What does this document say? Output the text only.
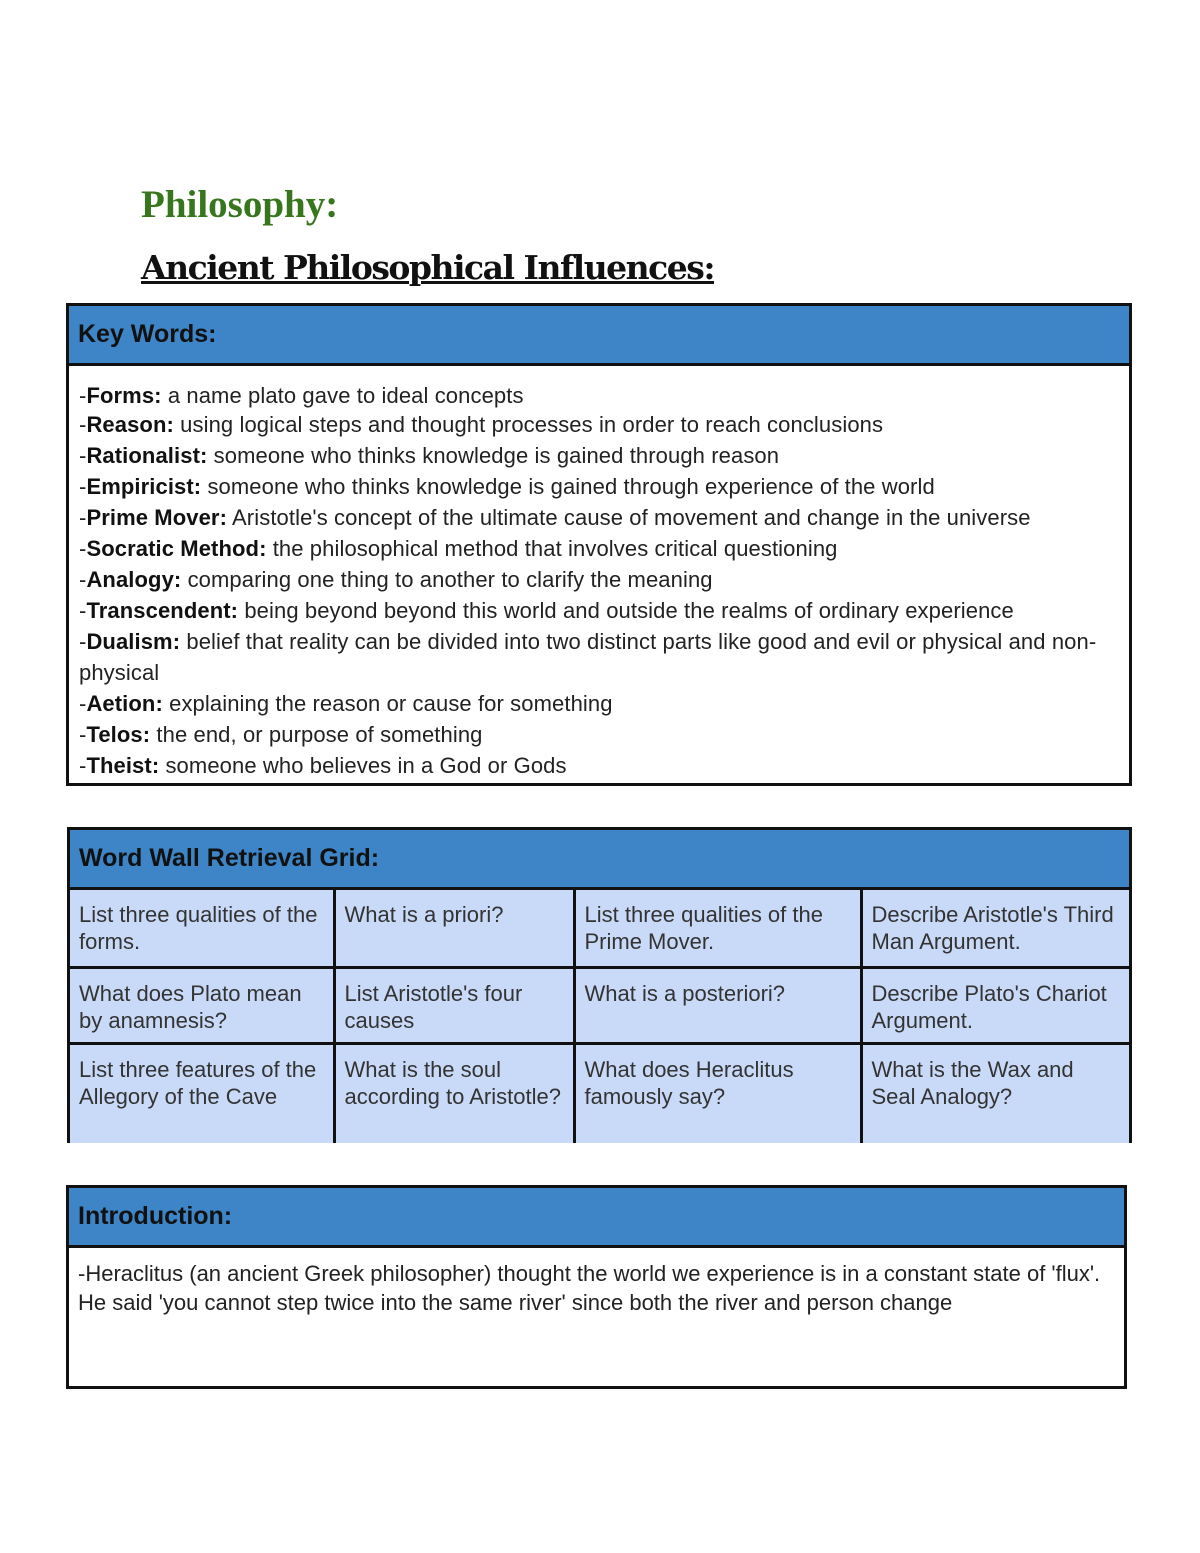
Philosophy:
Ancient Philosophical Influences:
Key Words:
-Forms: a name plato gave to ideal concepts
-Reason: using logical steps and thought processes in order to reach conclusions
-Rationalist: someone who thinks knowledge is gained through reason
-Empiricist: someone who thinks knowledge is gained through experience of the world
-Prime Mover: Aristotle's concept of the ultimate cause of movement and change in the universe
-Socratic Method: the philosophical method that involves critical questioning
-Analogy: comparing one thing to another to clarify the meaning
-Transcendent: being beyond beyond this world and outside the realms of ordinary experience
-Dualism: belief that reality can be divided into two distinct parts like good and evil or physical and non-physical
-Aetion: explaining the reason or cause for something
-Telos: the end, or purpose of something
-Theist: someone who believes in a God or Gods
Word Wall Retrieval Grid:
List three qualities of the forms.	What is a priori?	List three qualities of the Prime Mover.	Describe Aristotle's Third Man Argument.
What does Plato mean by anamnesis?	List Aristotle's four causes	What is a posteriori?	Describe Plato's Chariot Argument.
List three features of the Allegory of the Cave	What is the soul according to Aristotle?	What does Heraclitus famously say?	What is the Wax and Seal Analogy?
Introduction:

-Heraclitus (an ancient Greek philosopher) thought the world we experience is in a constant state of 'flux'. He said 'you cannot step twice into the same river' since both the river and person change
